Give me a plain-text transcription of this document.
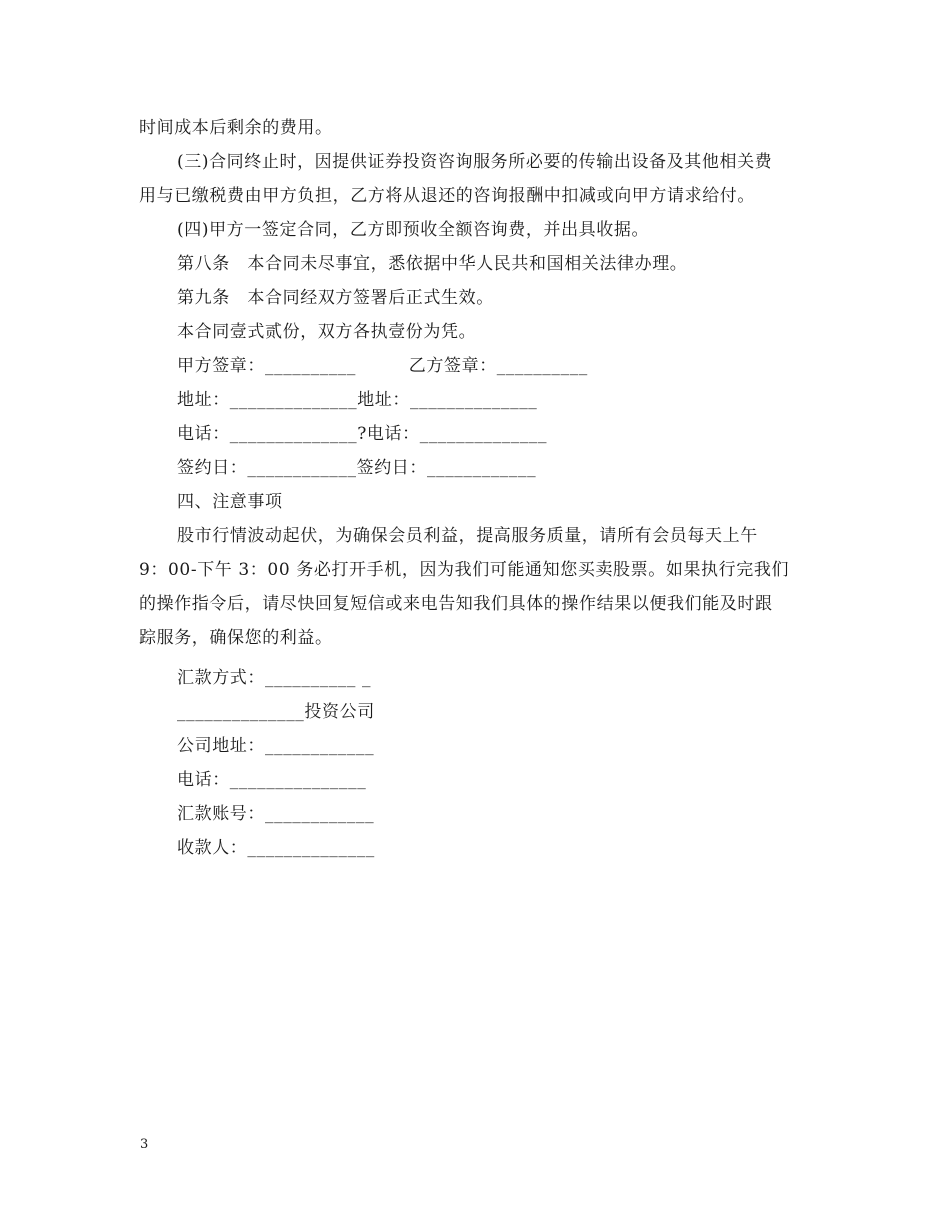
时间成本后剩余的费用。
(三)合同终止时，因提供证券投资咨询服务所必要的传输出设备及其他相关费
用与已缴税费由甲方负担，乙方将从退还的咨询报酬中扣减或向甲方请求给付。
(四)甲方一签定合同，乙方即预收全额咨询费，并出具收据。
第八条　本合同未尽事宜，悉依据中华人民共和国相关法律办理。
第九条　本合同经双方签署后正式生效。
本合同壹式贰份，双方各执壹份为凭。
甲方签章：__________　　　乙方签章：__________
地址：______________地址：______________
电话：______________?电话：______________
签约日：____________签约日：____________
四、注意事项
股市行情波动起伏，为确保会员利益，提高服务质量，请所有会员每天上午
9：00-下午 3：00 务必打开手机，因为我们可能通知您买卖股票。如果执行完我们
的操作指令后，请尽快回复短信或来电告知我们具体的操作结果以便我们能及时跟
踪服务，确保您的利益。
汇款方式：__________ _
______________投资公司
公司地址：____________
电话：_______________
汇款账号：____________
收款人：______________
3
